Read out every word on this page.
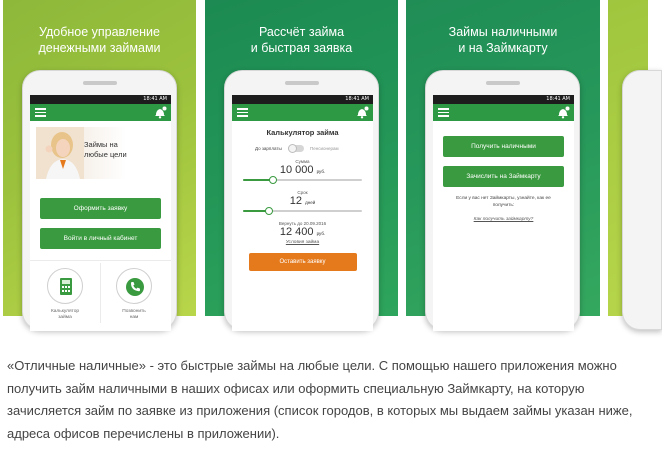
Удобное управление
денежными займами
18:41 AM
Займы на
любые цели
Оформить заявку
Войти в личный кабинет
Калькулятор
займа
Позвонить
нам
Рассчёт займа
и быстрая заявка
18:41 AM
Калькулятор займа
До зарплаты	Пенсионерам
Сумма
10 000 руб.
Срок
12 дней
Вернуть до 20.09.2016
12 400 руб.
Условия займа
Оставить заявку
Займы наличными
и на Займкарту
18:41 AM
Получить наличными
Зачислить на Займкарту
Если у вас нет Займкарты, узнайте, как ее
получить:
Как получить займкарту?
«Отличные наличные» - это быстрые займы на любые цели. С помощью нашего приложения можно получить займ наличными в наших офисах или оформить специальную Займкарту, на которую зачисляется займ по заявке из приложения (список городов, в которых мы выдаем займы указан ниже, адреса офисов перечислены в приложении).
